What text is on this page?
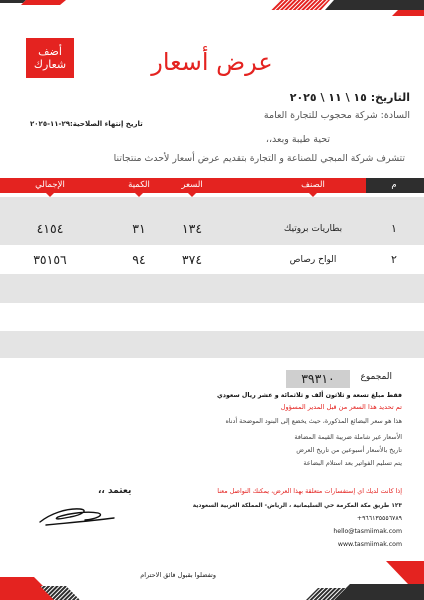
أضف
شعارك	عرض أسعار
التاريخ: ١٥ \ ١١ \ ٢٠٢٥
السادة: شركة محجوب للتجارة العامة
تاريخ إنتهاء الصلاحية:٢٩-١١-٢٠٢٥
تحية طيبة وبعد،،
تتشرف شركة المبجي للصناعة و التجارة بتقديم عرض أسعار لأحدث منتجاتنا
م
الصنف
السعر
الكمية
الإجمالي
١
بطاريات بروتيك
١٣٤
٣١
٤١٥٤
٢
الواح رصاص
٣٧٤
٩٤
٣٥١٥٦
المجموع
٣٩٣١٠
فقط مبلغ تسعة و ثلاثون ألف و ثلاثمائة و عشر ريال سعودي
تم تحديد هذا السعر من قبل المدير المسؤول
هذا هو سعر البضائع المذكورة، حيث يخضع إلى البنود الموضحة أدناه
الأسعار غير شاملة ضريبة القيمة المضافة
تاريخ بالأسعار أسبوعين من تاريخ العرض
يتم تسليم الفواتير بعد استلام البضاعة
إذا كانت لديك اي إستفسارات متعلقة بهذا العرض، يمكنك التواصل معنا
١٢٣ طريق مكة المكرمة حي السليمانية ، الرياض- المملكة العربية السعودية
+٩٦٦١٣٥٥٥٦٧٨٩
hello@tasmiimak.com
www.tasmiimak.com
يعتمد ،،
وتفضلوا بقبول فائق الاحترام
